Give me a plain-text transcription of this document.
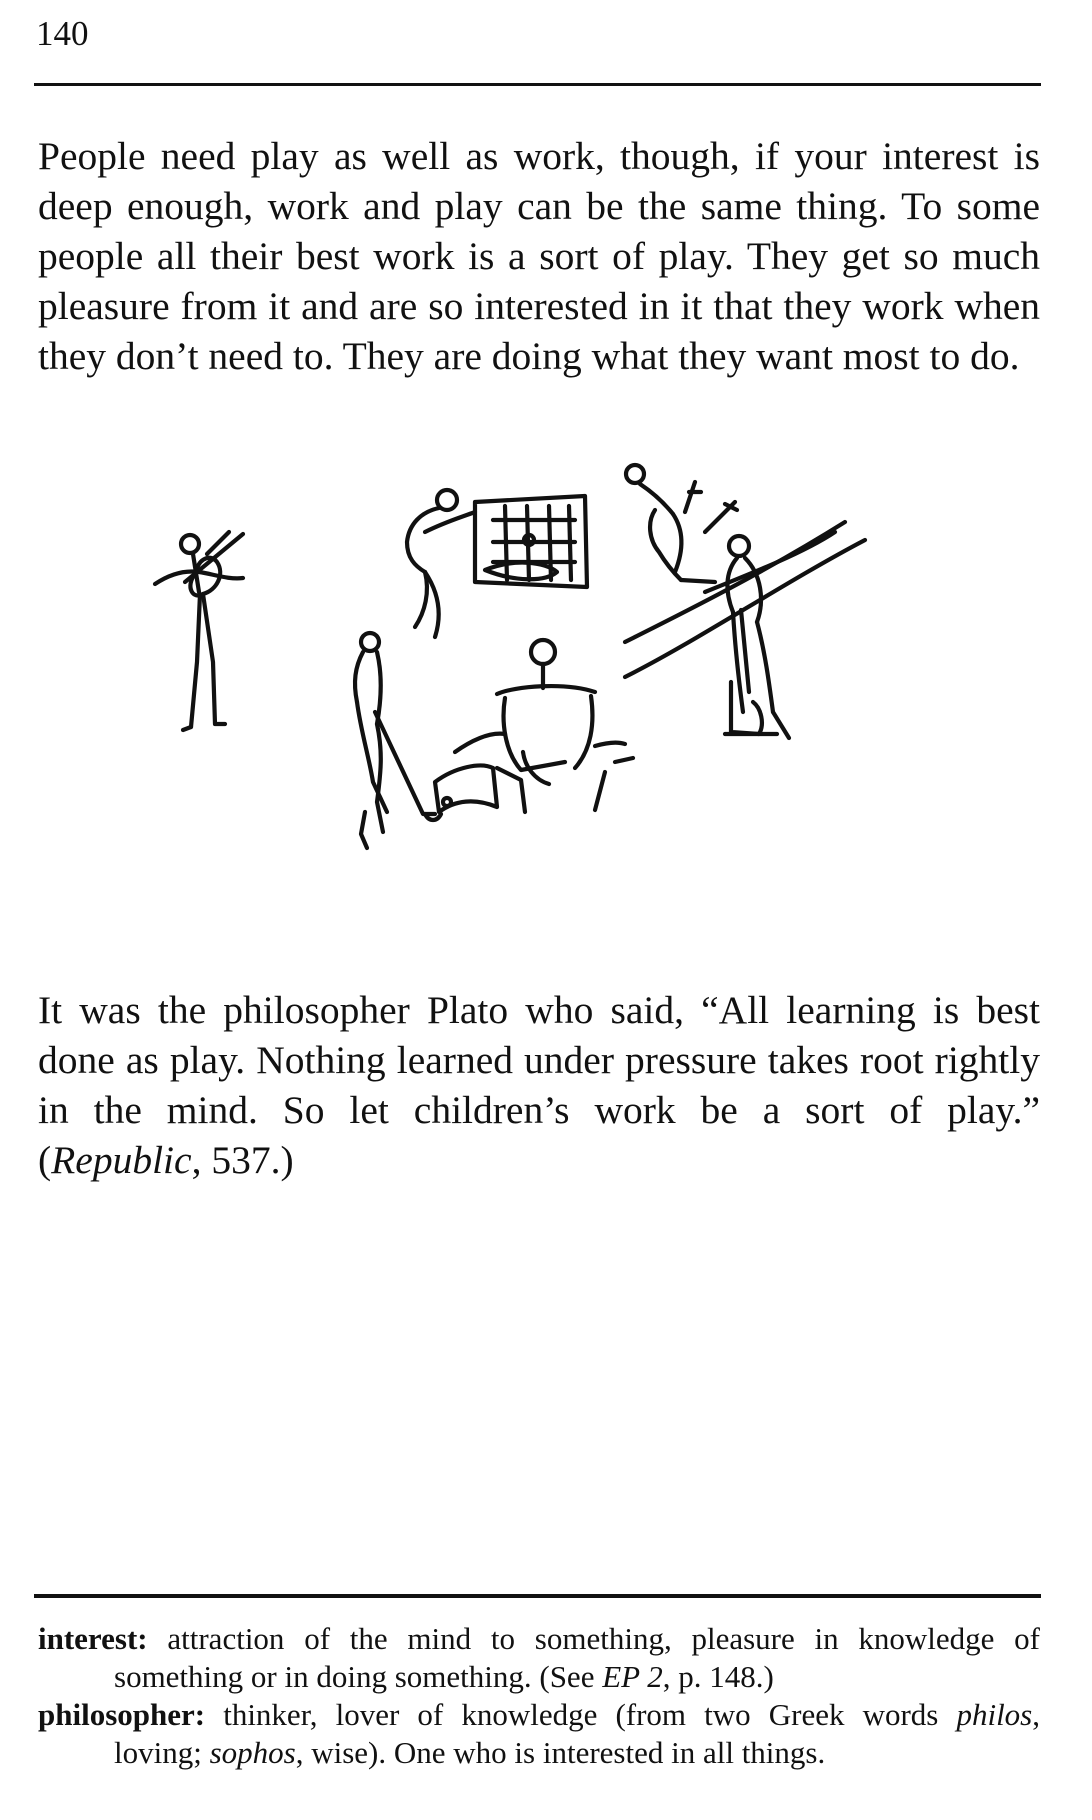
140

People need play as well as work, though, if your interest is deep enough, work and play can be the same thing. To some people all their best work is a sort of play. They get so much pleasure from it and are so interested in it that they work when they don’t need to. They are doing what they want most to do.

It was the philosopher Plato who said, “All learning is best done as play. Nothing learned under pressure takes root rightly in the mind. So let children’s work be a sort of play.” (Republic, 537.)

interest: attraction of the mind to something, pleasure in knowledge of something or in doing something. (See EP 2, p. 148.)

philosopher: thinker, lover of knowledge (from two Greek words philos, loving; sophos, wise). One who is interested in all things.
